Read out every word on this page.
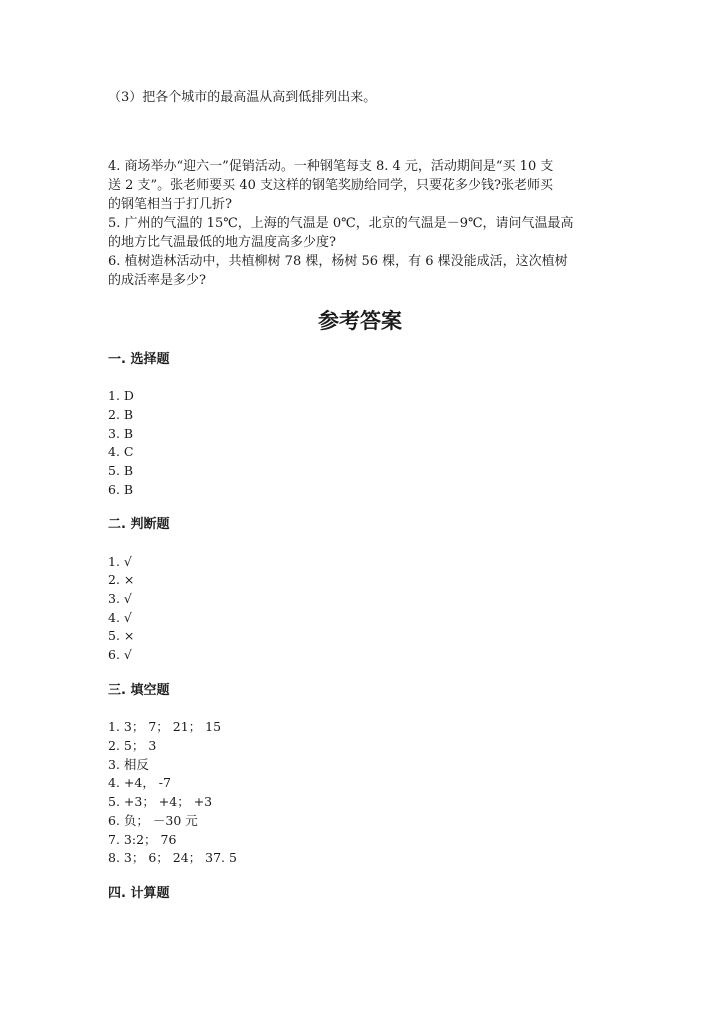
（3）把各个城市的最高温从高到低排列出来。
4. 商场举办“迎六一”促销活动。一种钢笔每支 8. 4 元，活动期间是“买 10 支
送 2 支”。张老师要买 40 支这样的钢笔奖励给同学，只要花多少钱?张老师买
的钢笔相当于打几折?
5. 广州的气温的 15℃，上海的气温是 0℃，北京的气温是－9℃，请问气温最高
的地方比气温最低的地方温度高多少度?
6. 植树造林活动中，共植柳树 78 棵，杨树 56 棵，有 6 棵没能成活，这次植树
的成活率是多少?
参考答案
一. 选择题
1. D
2. B
3. B
4. C
5. B
6. B
二. 判断题
1. √
2. ×
3. √
4. √
5. ×
6. √
三. 填空题
1. 3； 7； 21； 15
2. 5； 3
3. 相反
4. +4， -7
5. +3； +4； +3
6. 负； －30 元
7. 3:2； 76
8. 3； 6； 24； 37. 5
四. 计算题
